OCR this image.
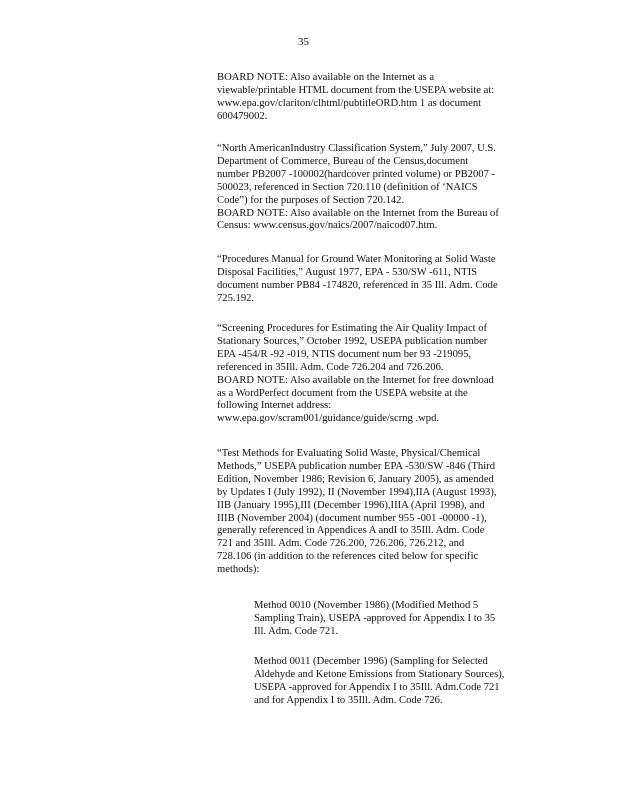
35
BOARD NOTE: Also available on the Internet as a
viewable/printable HTML document from the USEPA website at:
www.epa.gov/clariton/clhtml/pubtitleORD.htm 1 as document
600479002.
“North AmericanIndustry Classification System,” July 2007, U.S.
Department of Commerce, Bureau of the Census,document
number PB2007 -100002(hardcover printed volume) or PB2007 -
500023, referenced in Section 720.110 (definition of ‘NAICS
Code”) for the purposes of Section 720.142.
BOARD NOTE: Also available on the Internet from the Bureau of
Census: www.census.gov/naics/2007/naicod07.htm.
“Procedures Manual for Ground Water Monitoring at Solid Waste
Disposal Facilities,” August 1977, EPA - 530/SW -611, NTIS
document number PB84 -174820, referenced in 35 Ill. Adm. Code
725.192.
“Screening Procedures for Estimating the Air Quality Impact of
Stationary Sources,” October 1992, USEPA publication number
EPA -454/R -92 -019, NTIS document num ber 93 -219095,
referenced in 35Ill. Adm. Code 726.204 and 726.206.
BOARD NOTE: Also available on the Internet for free download
as a WordPerfect document from the USEPA website at the
following Internet address:
www.epa.gov/scram001/guidance/guide/scrng .wpd.
“Test Methods for Evaluating Solid Waste, Physical/Chemical
Methods,” USEPA publication number EPA -530/SW -846 (Third
Edition, November 1986; Revision 6, January 2005), as amended
by Updates I (July 1992), II (November 1994),IIA (August 1993),
IIB (January 1995),III (December 1996),IIIA (April 1998), and
IIIB (November 2004) (document number 955 -001 -00000 -1),
generally referenced in Appendices A andI to 35Ill. Adm. Code
721 and 35Ill. Adm. Code 726.200, 726.206, 726.212, and
728.106 (in addition to the references cited below for specific
methods):
Method 0010 (November 1986) (Modified Method 5
Sampling Train), USEPA -approved for Appendix I to 35
Ill. Adm. Code 721.
Method 0011 (December 1996) (Sampling for Selected
Aldehyde and Ketone Emissions from Stationary Sources),
USEPA -approved for Appendix I to 35Ill. Adm.Code 721
and for Appendix I to 35Ill. Adm. Code 726.
